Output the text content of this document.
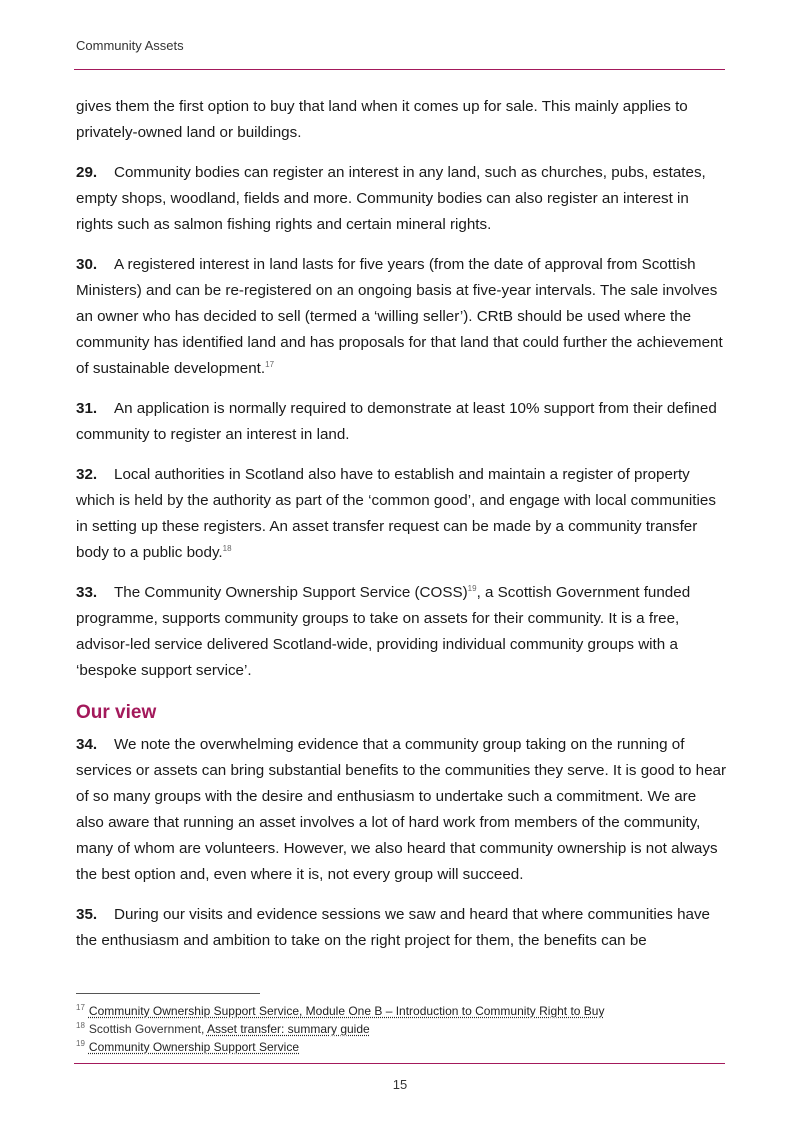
Community Assets

gives them the first option to buy that land when it comes up for sale. This mainly applies to privately-owned land or buildings.

29. Community bodies can register an interest in any land, such as churches, pubs, estates, empty shops, woodland, fields and more. Community bodies can also register an interest in rights such as salmon fishing rights and certain mineral rights.

30. A registered interest in land lasts for five years (from the date of approval from Scottish Ministers) and can be re-registered on an ongoing basis at five-year intervals. The sale involves an owner who has decided to sell (termed a ‘willing seller’). CRtB should be used where the community has identified land and has proposals for that land that could further the achievement of sustainable development.$^{17}$

31. An application is normally required to demonstrate at least 10% support from their defined community to register an interest in land.

32. Local authorities in Scotland also have to establish and maintain a register of property which is held by the authority as part of the ‘common good’, and engage with local communities in setting up these registers. An asset transfer request can be made by a community transfer body to a public body.$^{18}$

33. The Community Ownership Support Service (COSS)$^{19}$, a Scottish Government funded programme, supports community groups to take on assets for their community. It is a free, advisor-led service delivered Scotland-wide, providing individual community groups with a ‘bespoke support service’.

Our view

34. We note the overwhelming evidence that a community group taking on the running of services or assets can bring substantial benefits to the communities they serve. It is good to hear of so many groups with the desire and enthusiasm to undertake such a commitment. We are also aware that running an asset involves a lot of hard work from members of the community, many of whom are volunteers. However, we also heard that community ownership is not always the best option and, even where it is, not every group will succeed.

35. During our visits and evidence sessions we saw and heard that where communities have the enthusiasm and ambition to take on the right project for them, the benefits can be

$^{17}$ Community Ownership Support Service, Module One B – Introduction to Community Right to Buy
$^{18}$ Scottish Government, Asset transfer: summary guide
$^{19}$ Community Ownership Support Service
15
